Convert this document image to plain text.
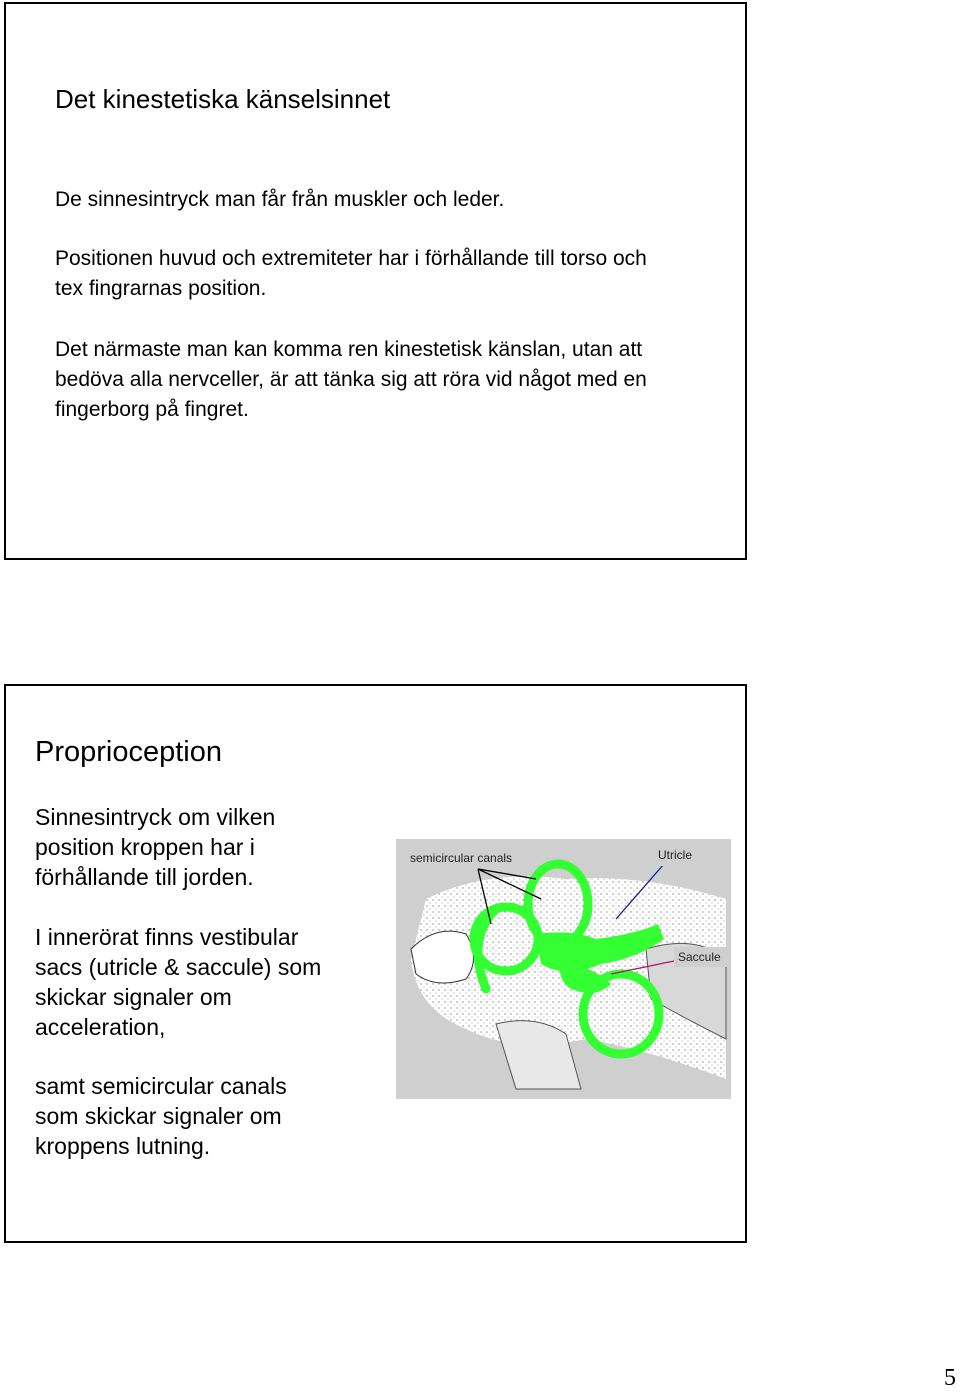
Det kinestetiska känselsinnet
De sinnesintryck man får från muskler och leder.
Positionen huvud och extremiteter har i förhållande till torso och tex fingrarnas position.
Det närmaste man kan komma ren kinestetisk känslan, utan att bedöva alla nervceller, är att tänka sig att röra vid något med en fingerborg på fingret.
Proprioception
Sinnesintryck om vilken position kroppen har i förhållande till jorden.
I innerörat finns vestibular sacs (utricle & saccule) som skickar signaler om acceleration,
samt semicircular canals som skickar signaler om kroppens lutning.
semicircular canals	Utricle
Saccule
5
